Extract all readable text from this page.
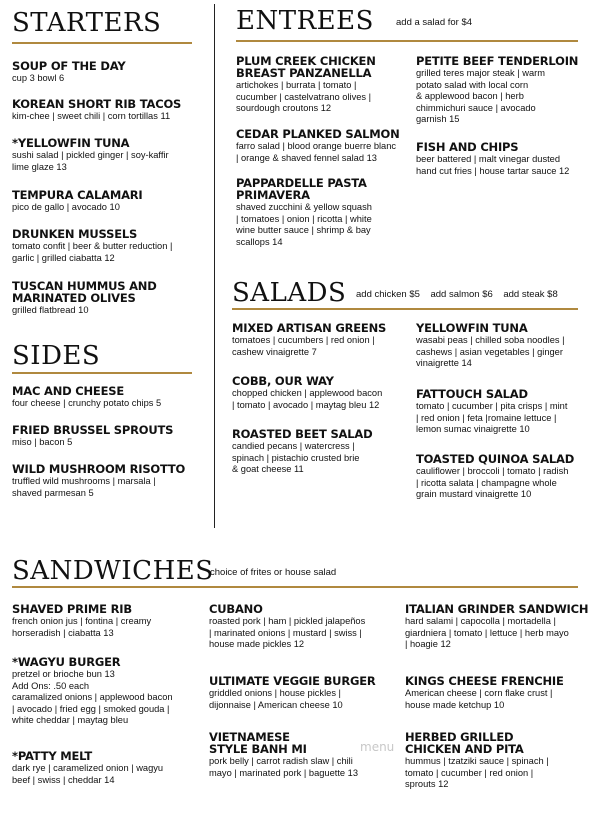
STARTERS
SOUP OF THE DAY
cup 3 bowl 6
KOREAN SHORT RIB TACOS
kim-chee | sweet chili | corn tortillas 11
*YELLOWFIN TUNA
sushi salad | pickled ginger | soy-kaffir
lime glaze 13
TEMPURA CALAMARI
pico de gallo | avocado 10
DRUNKEN MUSSELS
tomato confit | beer & butter reduction |
garlic | grilled ciabatta 12
TUSCAN HUMMUS AND
MARINATED OLIVES
grilled flatbread 10
SIDES
MAC AND CHEESE
four cheese | crunchy potato chips 5
FRIED BRUSSEL SPROUTS
miso | bacon 5
WILD MUSHROOM RISOTTO
truffled wild mushrooms | marsala |
shaved parmesan 5
ENTREES add a salad for $4
PLUM CREEK CHICKEN
BREAST PANZANELLA
artichokes | burrata | tomato |
cucumber | castelvatrano olives |
sourdough croutons 12
CEDAR PLANKED SALMON
farro salad | blood orange buerre blanc
| orange & shaved fennel salad 13
PAPPARDELLE PASTA
PRIMAVERA
shaved zucchini & yellow squash
| tomatoes | onion | ricotta | white
wine butter sauce | shrimp & bay
scallops 14
PETITE BEEF TENDERLOIN
grilled teres major steak | warm
potato salad with local corn
& applewood bacon | herb
chimmichuri sauce | avocado
garnish 15
FISH AND CHIPS
beer battered | malt vinegar dusted
hand cut fries | house tartar sauce 12
SALADS add chicken $5    add salmon $6    add steak $8
MIXED ARTISAN GREENS
tomatoes | cucumbers | red onion |
cashew vinaigrette 7
COBB, OUR WAY
chopped chicken | applewood bacon
| tomato | avocado | maytag bleu 12
ROASTED BEET SALAD
candied pecans | watercress |
spinach | pistachio crusted brie
& goat cheese 11
YELLOWFIN TUNA
wasabi peas | chilled soba noodles |
cashews | asian vegetables | ginger
vinaigrette 14
FATTOUCH SALAD
tomato | cucumber | pita crisps | mint
| red onion | feta |romaine lettuce |
lemon sumac vinaigrette 10
TOASTED QUINOA SALAD
cauliflower | broccoli | tomato | radish
| ricotta salata | champagne whole
grain mustard vinaigrette 10
SANDWICHES
choice of frites or house salad
SHAVED PRIME RIB
french onion jus | fontina | creamy
horseradish | ciabatta 13
*WAGYU BURGER
pretzel or brioche bun 13
Add Ons: .50 each
caramalized onions | applewood bacon
| avocado | fried egg | smoked gouda |
white cheddar | maytag bleu
*PATTY MELT
dark rye | caramelized onion | wagyu
beef | swiss | cheddar 14
CUBANO
roasted pork | ham | pickled jalapeños
| marinated onions | mustard | swiss |
house made pickles 12
ULTIMATE VEGGIE BURGER
griddled onions | house pickles |
dijonnaise | American cheese 10
VIETNAMESE
STYLE BANH MI
pork belly | carrot radish slaw | chili
mayo | marinated pork | baguette 13
ITALIAN GRINDER SANDWICH
hard salami | capocolla | mortadella |
giardniera | tomato | lettuce | herb mayo
| hoagie 12
KINGS CHEESE FRENCHIE
American cheese | corn flake crust |
house made ketchup 10
HERBED GRILLED
CHICKEN AND PITA
hummus | tzatziki sauce | spinach |
tomato | cucumber | red onion |
sprouts 12
menu
